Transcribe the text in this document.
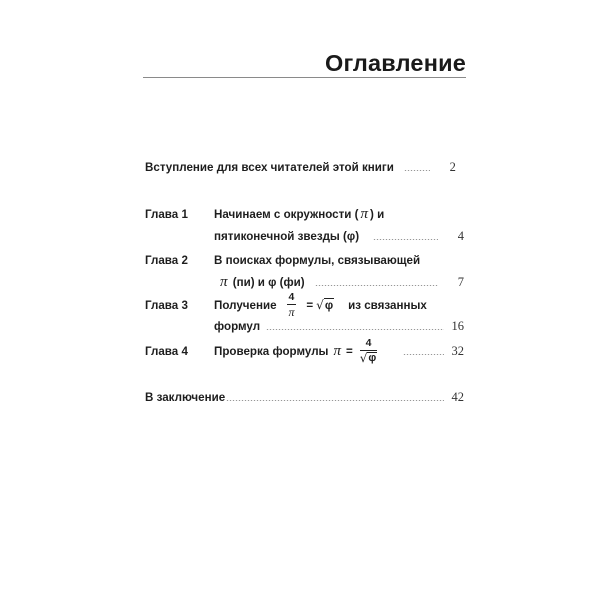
Оглавление
Вступление для всех читателей этой книги	2
Глава 1	Начинаем с окружности ( π ) и
пятиконечной звезды (φ)	4
Глава 2	В поисках формулы, связывающей
π (пи) и φ (фи)	7
Глава 3	Получение $\frac{4}{\pi}$ = √ φ из связанных
формул	16
Глава 4	Проверка формулы $\pi = \frac{4}{√ \varphi}$	32
В заключение	42
